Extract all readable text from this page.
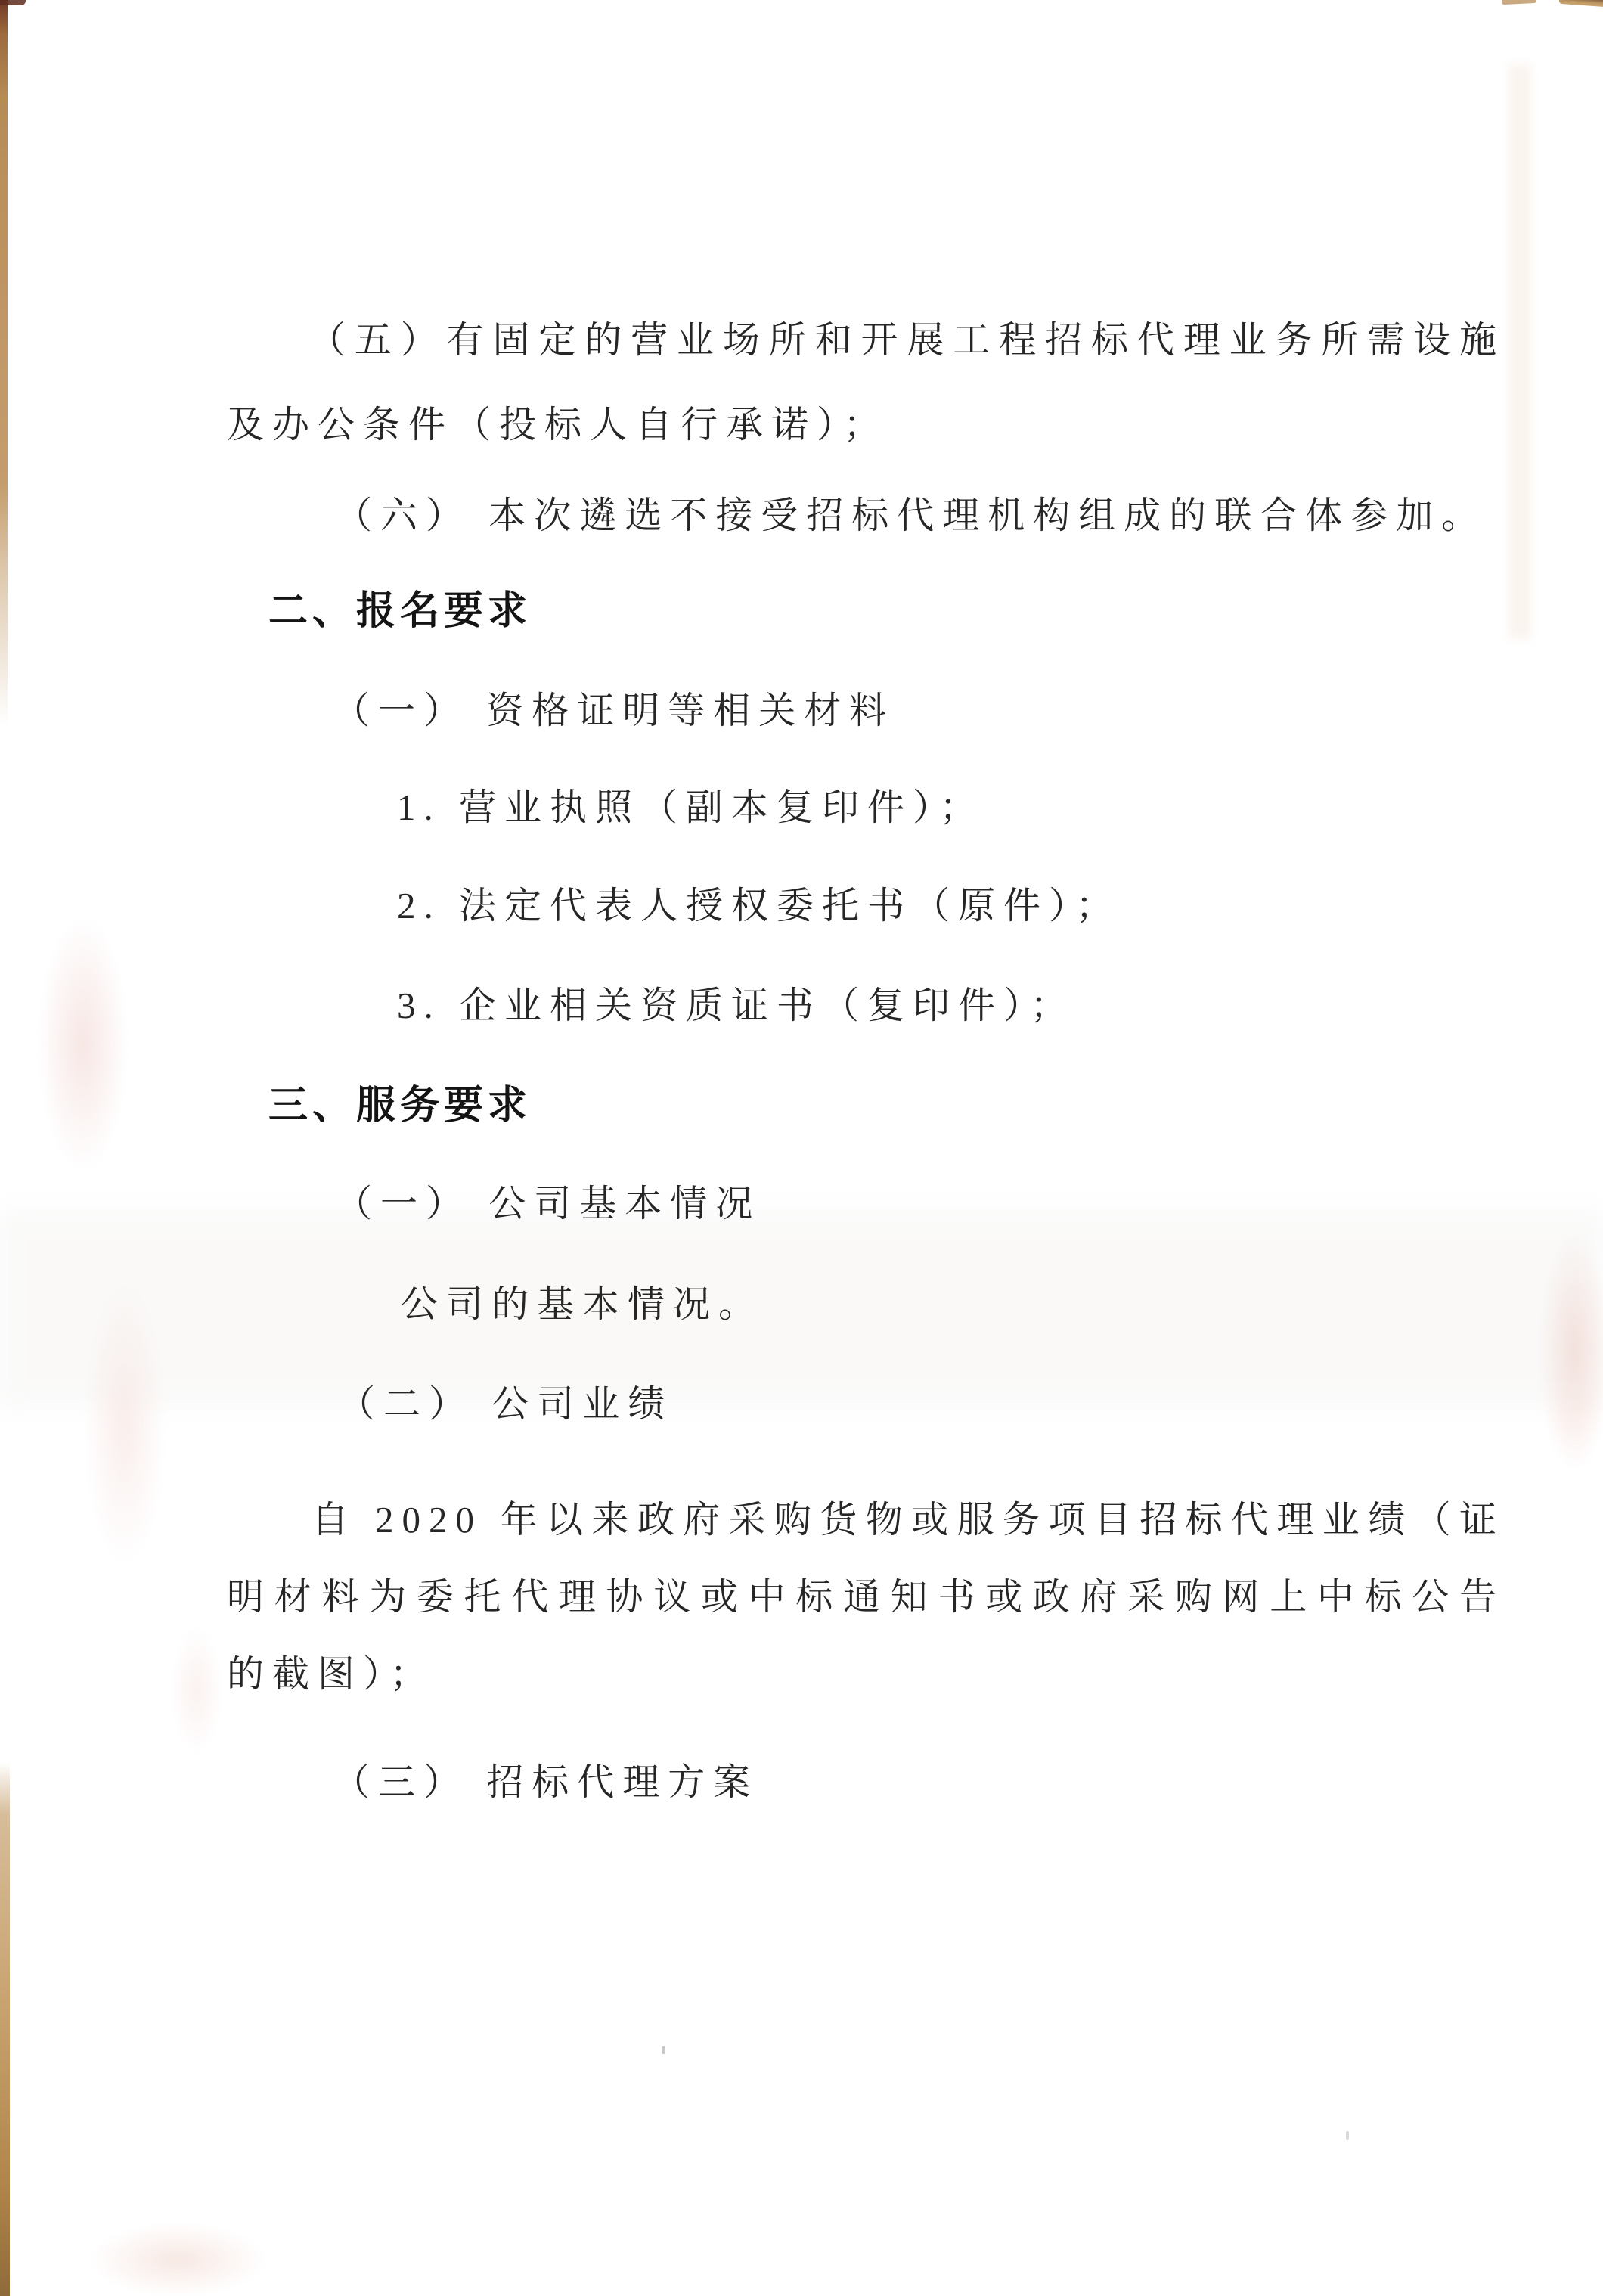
（五）有固定的营业场所和开展工程招标代理业务所需设施
及办公条件（投标人自行承诺）；
（六） 本次遴选不接受招标代理机构组成的联合体参加。
二、报名要求
（一） 资格证明等相关材料
1. 营业执照（副本复印件）；
2. 法定代表人授权委托书（原件）；
3. 企业相关资质证书（复印件）；
三、服务要求
（一） 公司基本情况
公司的基本情况。
（二） 公司业绩
自 2020 年以来政府采购货物或服务项目招标代理业绩（证
明材料为委托代理协议或中标通知书或政府采购网上中标公告
的截图）；
（三） 招标代理方案
